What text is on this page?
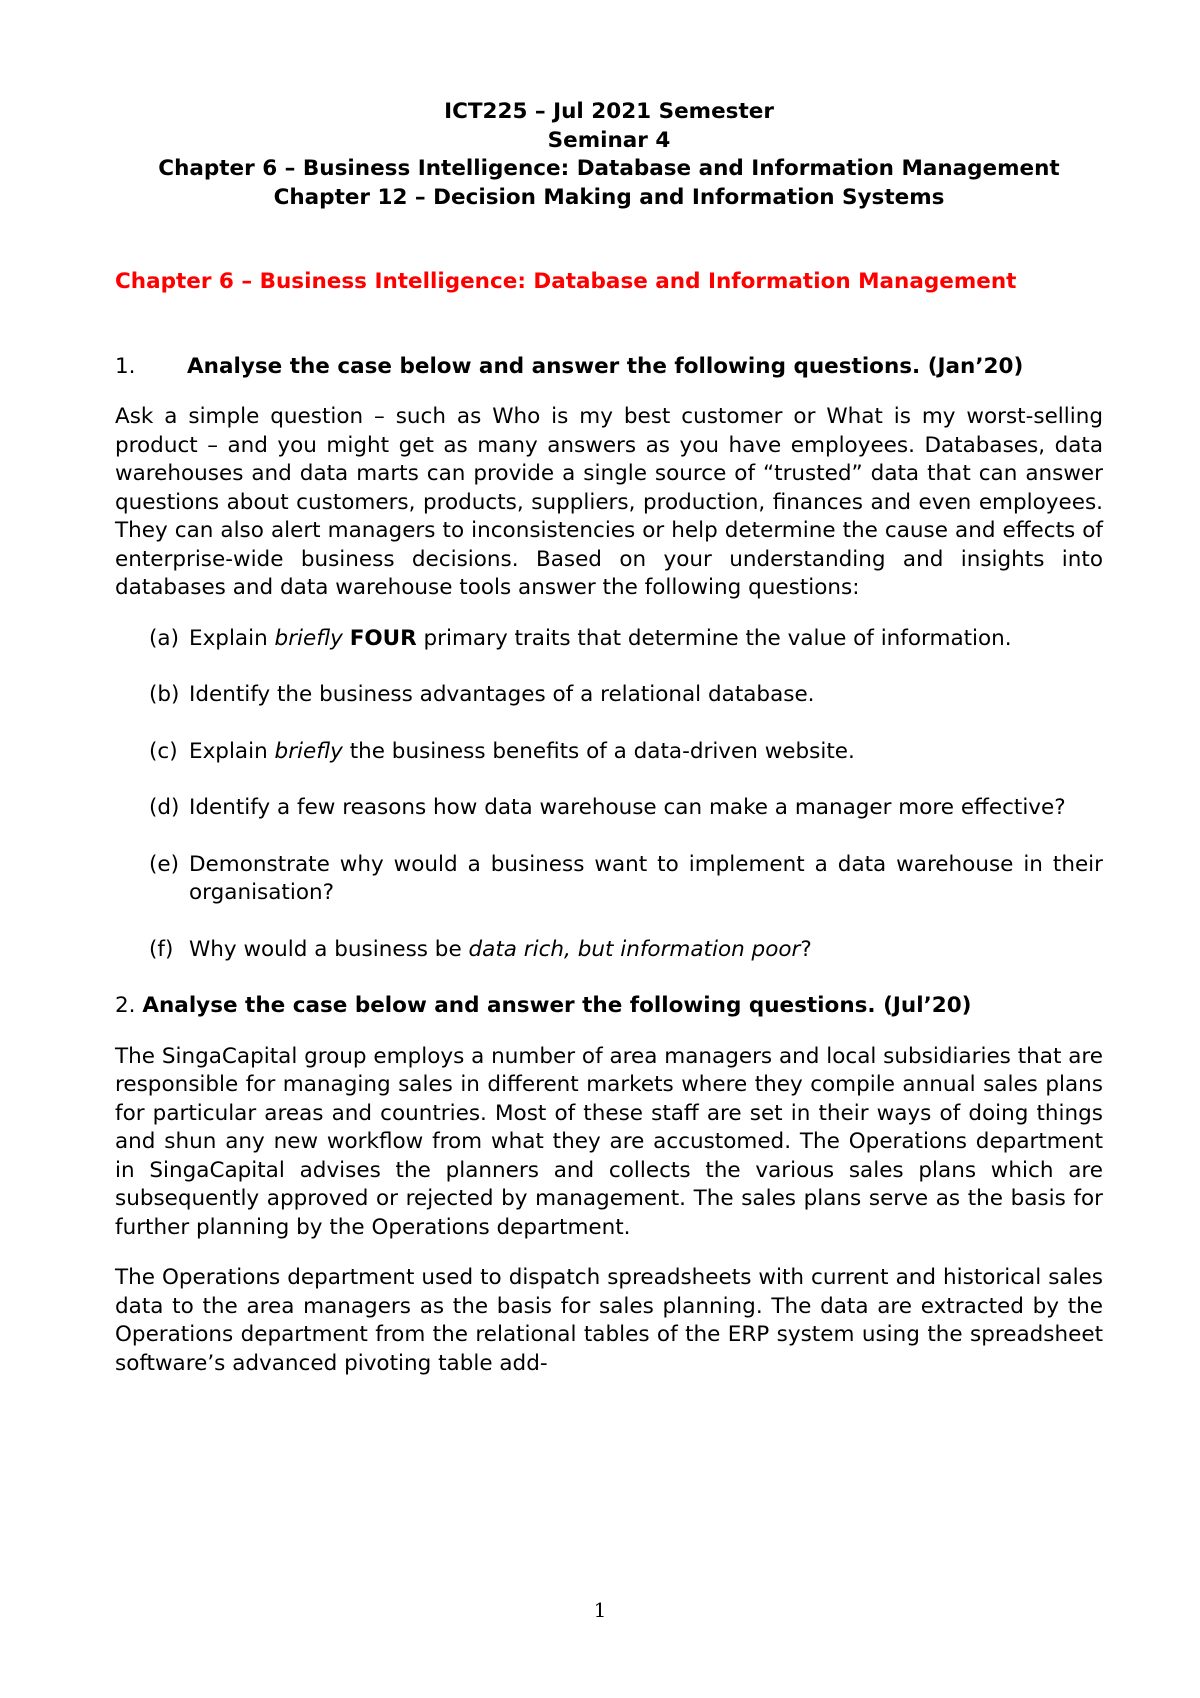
ICT225 – Jul 2021 Semester
Seminar 4
Chapter 6 – Business Intelligence: Database and Information Management
Chapter 12 – Decision Making and Information Systems
Chapter 6 – Business Intelligence: Database and Information Management
1. Analyse the case below and answer the following questions. (Jan’20)

Ask a simple question – such as Who is my best customer or What is my worst-selling product – and you might get as many answers as you have employees. Databases, data warehouses and data marts can provide a single source of “trusted” data that can answer questions about customers, products, suppliers, production, finances and even employees. They can also alert managers to inconsistencies or help determine the cause and effects of enterprise-wide business decisions. Based on your understanding and insights into databases and data warehouse tools answer the following questions:

(a) Explain briefly FOUR primary traits that determine the value of information.
(b) Identify the business advantages of a relational database.
(c) Explain briefly the business benefits of a data-driven website.
(d) Identify a few reasons how data warehouse can make a manager more effective?
(e) Demonstrate why would a business want to implement a data warehouse in their organisation?
(f) Why would a business be data rich, but information poor?
2. Analyse the case below and answer the following questions. (Jul’20)

The SingaCapital group employs a number of area managers and local subsidiaries that are responsible for managing sales in different markets where they compile annual sales plans for particular areas and countries. Most of these staff are set in their ways of doing things and shun any new workflow from what they are accustomed. The Operations department in SingaCapital advises the planners and collects the various sales plans which are subsequently approved or rejected by management. The sales plans serve as the basis for further planning by the Operations department.

The Operations department used to dispatch spreadsheets with current and historical sales data to the area managers as the basis for sales planning. The data are extracted by the Operations department from the relational tables of the ERP system using the spreadsheet software’s advanced pivoting table add-

1
